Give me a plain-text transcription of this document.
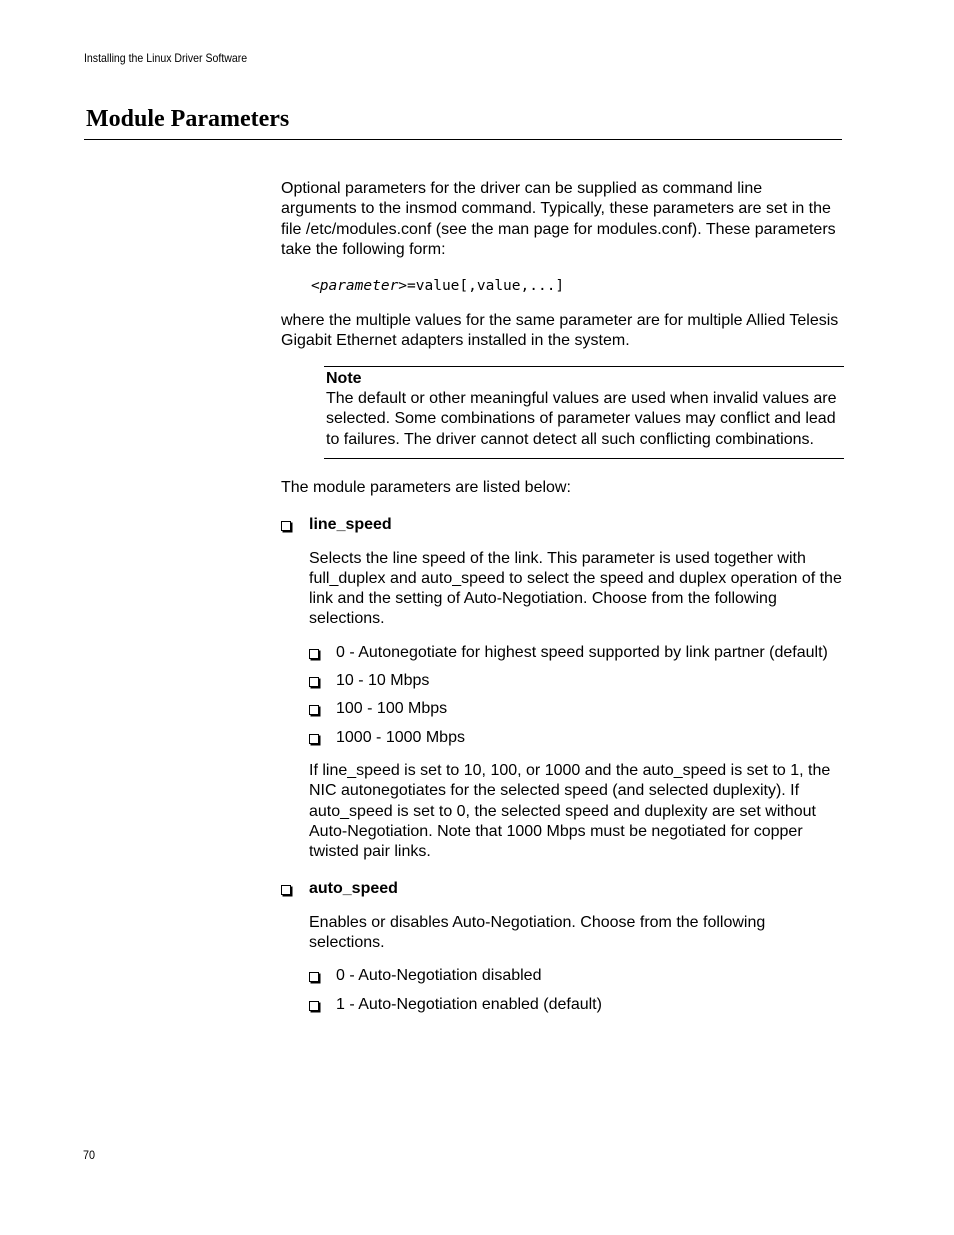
Installing the Linux Driver Software
Module Parameters

Optional parameters for the driver can be supplied as command line arguments to the insmod command. Typically, these parameters are set in the file /etc/modules.conf (see the man page for modules.conf). These parameters take the following form:

<parameter>=value[,value,...]

where the multiple values for the same parameter are for multiple Allied Telesis Gigabit Ethernet adapters installed in the system.

Note
The default or other meaningful values are used when invalid values are selected. Some combinations of parameter values may conflict and lead to failures. The driver cannot detect all such conflicting combinations.

The module parameters are listed below:

line_speed

Selects the line speed of the link. This parameter is used together with full_duplex and auto_speed to select the speed and duplex operation of the link and the setting of Auto-Negotiation. Choose from the following selections.

0 - Autonegotiate for highest speed supported by link partner (default)
10 - 10 Mbps
100 - 100 Mbps
1000 - 1000 Mbps

If line_speed is set to 10, 100, or 1000 and the auto_speed is set to 1, the NIC autonegotiates for the selected speed (and selected duplexity). If auto_speed is set to 0, the selected speed and duplexity are set without Auto-Negotiation. Note that 1000 Mbps must be negotiated for copper twisted pair links.

auto_speed

Enables or disables Auto-Negotiation. Choose from the following selections.

0 - Auto-Negotiation disabled
1 - Auto-Negotiation enabled (default)
70
